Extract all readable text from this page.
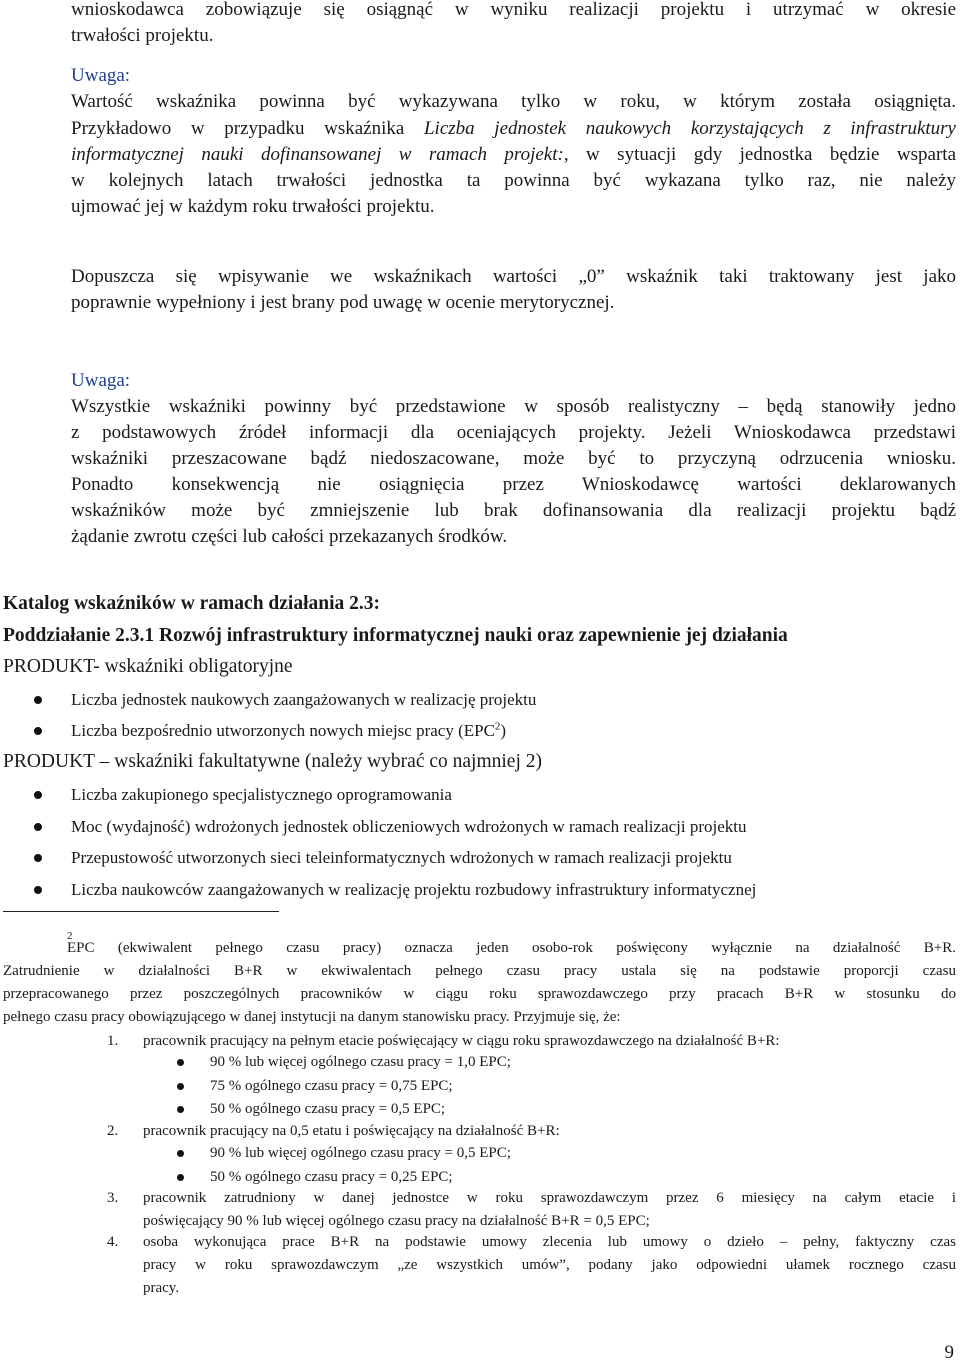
wnioskodawca zobowiązuje się osiągnąć w wyniku realizacji projektu i utrzymać w okresie

trwałości projektu.

Uwaga:

Wartość wskaźnika powinna być wykazywana tylko w roku, w którym została osiągnięta.

Przykładowo w przypadku wskaźnika Liczba jednostek naukowych korzystających z infrastruktury

informatycznej nauki dofinansowanej w ramach projekt:, w sytuacji gdy jednostka będzie wsparta

w kolejnych latach trwałości jednostka ta powinna być wykazana tylko raz, nie należy

ujmować jej w każdym roku trwałości projektu.

Dopuszcza się wpisywanie we wskaźnikach wartości „0” wskaźnik taki traktowany jest jako

poprawnie wypełniony i jest brany pod uwagę w ocenie merytorycznej.

Uwaga:

Wszystkie wskaźniki powinny być przedstawione w sposób realistyczny – będą stanowiły jedno

z podstawowych źródeł informacji dla oceniających projekty. Jeżeli Wnioskodawca przedstawi

wskaźniki przeszacowane bądź niedoszacowane, może być to przyczyną odrzucenia wniosku.

Ponadto konsekwencją nie osiągnięcia przez Wnioskodawcę wartości deklarowanych

wskaźników może być zmniejszenie lub brak dofinansowania dla realizacji projektu bądź

żądanie zwrotu części lub całości przekazanych środków.

Katalog wskaźników w ramach działania 2.3:

Poddziałanie 2.3.1 Rozwój infrastruktury informatycznej nauki oraz zapewnienie jej działania

PRODUKT- wskaźniki obligatoryjne

Liczba jednostek naukowych zaangażowanych w realizację projektu

Liczba bezpośrednio utworzonych nowych miejsc pracy (EPC$^2$)

PRODUKT – wskaźniki fakultatywne (należy wybrać co najmniej 2)

Liczba zakupionego specjalistycznego oprogramowania

Moc (wydajność) wdrożonych jednostek obliczeniowych wdrożonych w ramach realizacji projektu

Przepustowość utworzonych sieci teleinformatycznych wdrożonych w ramach realizacji projektu

Liczba naukowców zaangażowanych w realizację projektu rozbudowy infrastruktury informatycznej

EPC (ekwiwalent pełnego czasu pracy) oznacza jeden osobo-rok poświęcony wyłącznie na działalność B+R.

2

Zatrudnienie w działalności B+R w ekwiwalentach pełnego czasu pracy ustala się na podstawie proporcji czasu

przepracowanego przez poszczególnych pracowników w ciągu roku sprawozdawczego przy pracach B+R w stosunku do

pełnego czasu pracy obowiązującego w danej instytucji na danym stanowisku pracy. Przyjmuje się, że:

1. pracownik pracujący na pełnym etacie poświęcający w ciągu roku sprawozdawczego na działalność B+R:

90 % lub więcej ogólnego czasu pracy = 1,0 EPC;

75 % ogólnego czasu pracy = 0,75 EPC;

50 % ogólnego czasu pracy = 0,5 EPC;

2. pracownik pracujący na 0,5 etatu i poświęcający na działalność B+R:

90 % lub więcej ogólnego czasu pracy = 0,5 EPC;

50 % ogólnego czasu pracy = 0,25 EPC;

3. pracownik zatrudniony w danej jednostce w roku sprawozdawczym przez 6 miesięcy na całym etacie i

poświęcający 90 % lub więcej ogólnego czasu pracy na działalność B+R = 0,5 EPC;

4. osoba wykonująca prace B+R na podstawie umowy zlecenia lub umowy o dzieło – pełny, faktyczny czas

pracy w roku sprawozdawczym „ze wszystkich umów”, podany jako odpowiedni ułamek rocznego czasu

pracy.

9
